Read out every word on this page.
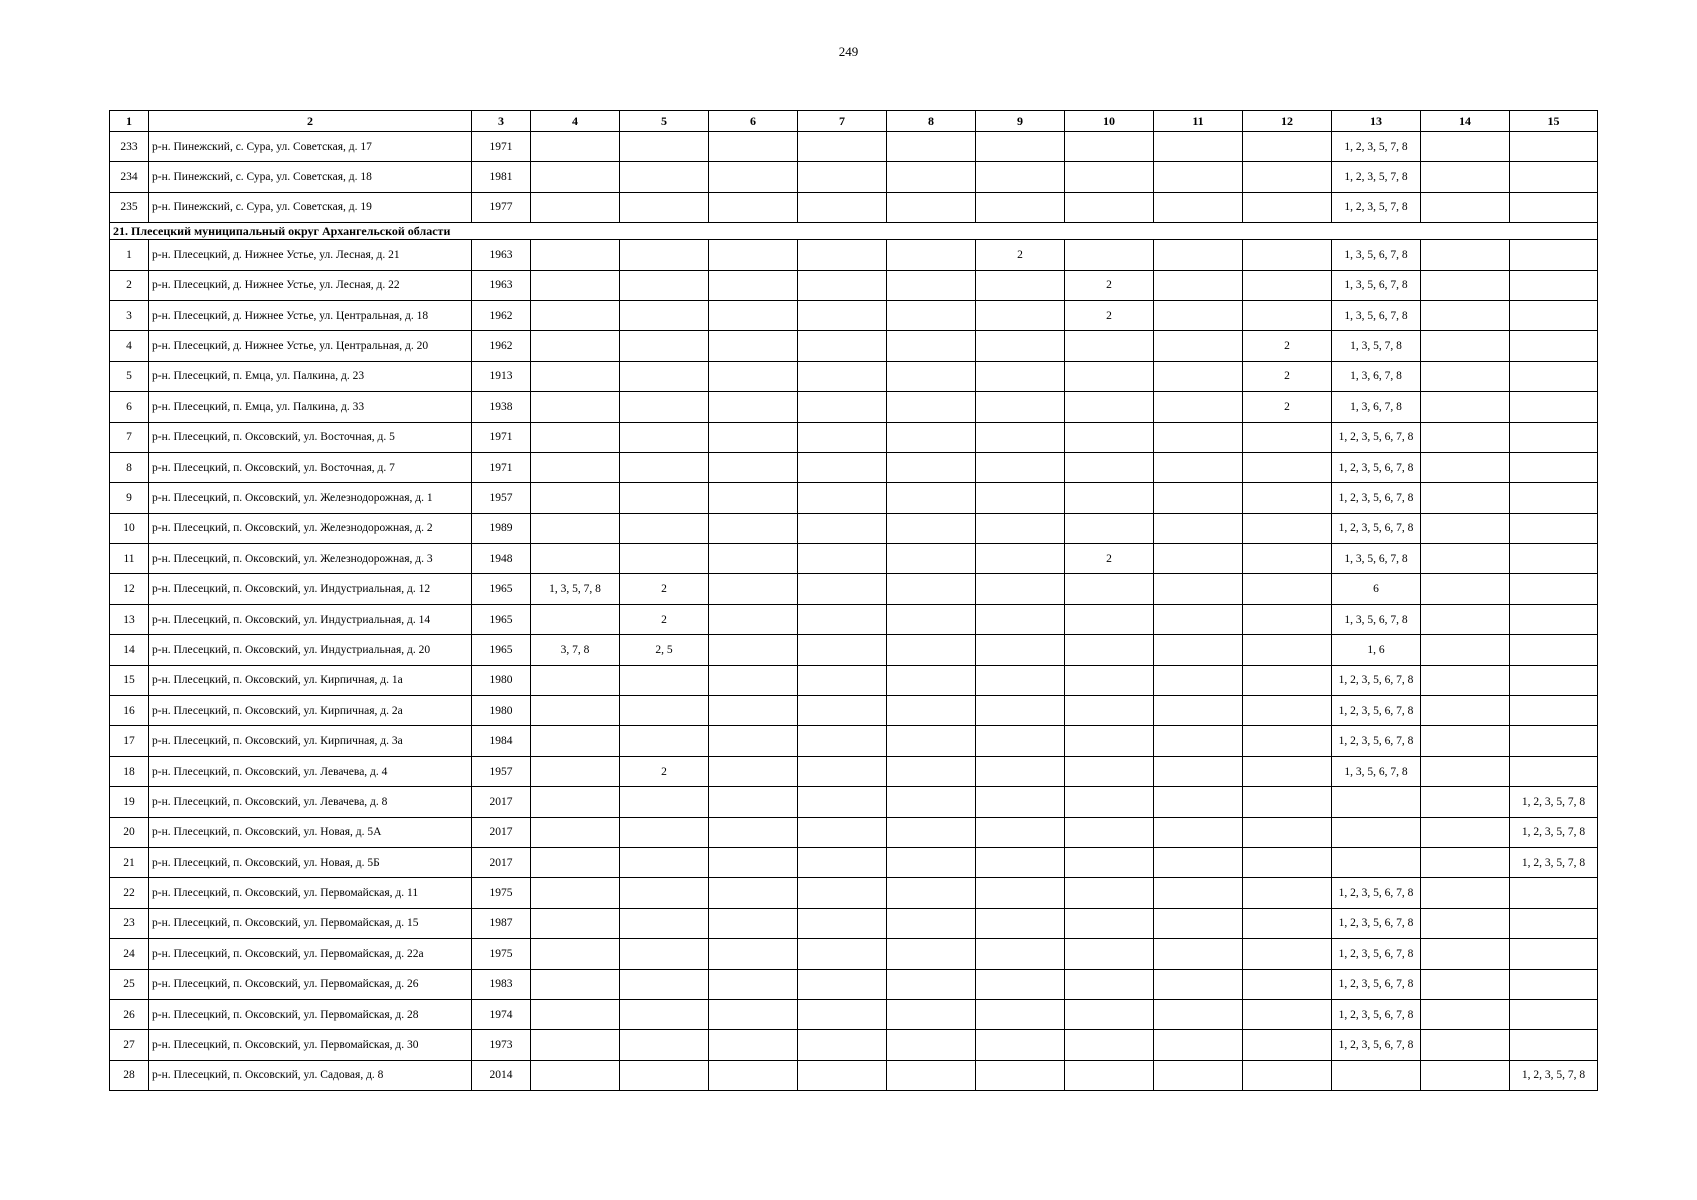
249
1	2	3	4	5	6	7	8	9	10	11	12	13	14	15
233	р-н. Пинежский, с. Сура, ул. Советская, д. 17	1971										1, 2, 3, 5, 7, 8		
234	р-н. Пинежский, с. Сура, ул. Советская, д. 18	1981										1, 2, 3, 5, 7, 8		
235	р-н. Пинежский, с. Сура, ул. Советская, д. 19	1977										1, 2, 3, 5, 7, 8		
21. Плесецкий муниципальный округ Архангельской области														
1	р-н. Плесецкий, д. Нижнее Устье, ул. Лесная, д. 21	1963						2				1, 3, 5, 6, 7, 8		
2	р-н. Плесецкий, д. Нижнее Устье, ул. Лесная, д. 22	1963							2			1, 3, 5, 6, 7, 8		
3	р-н. Плесецкий, д. Нижнее Устье, ул. Центральная, д. 18	1962							2			1, 3, 5, 6, 7, 8		
4	р-н. Плесецкий, д. Нижнее Устье, ул. Центральная, д. 20	1962									2	1, 3, 5, 7, 8		
5	р-н. Плесецкий, п. Емца, ул. Палкина, д. 23	1913									2	1, 3, 6, 7, 8		
6	р-н. Плесецкий, п. Емца, ул. Палкина, д. 33	1938									2	1, 3, 6, 7, 8		
7	р-н. Плесецкий, п. Оксовский, ул. Восточная, д. 5	1971										1, 2, 3, 5, 6, 7, 8		
8	р-н. Плесецкий, п. Оксовский, ул. Восточная, д. 7	1971										1, 2, 3, 5, 6, 7, 8		
9	р-н. Плесецкий, п. Оксовский, ул. Железнодорожная, д. 1	1957										1, 2, 3, 5, 6, 7, 8		
10	р-н. Плесецкий, п. Оксовский, ул. Железнодорожная, д. 2	1989										1, 2, 3, 5, 6, 7, 8		
11	р-н. Плесецкий, п. Оксовский, ул. Железнодорожная, д. 3	1948							2			1, 3, 5, 6, 7, 8		
12	р-н. Плесецкий, п. Оксовский, ул. Индустриальная, д. 12	1965	1, 3, 5, 7, 8	2								6		
13	р-н. Плесецкий, п. Оксовский, ул. Индустриальная, д. 14	1965		2								1, 3, 5, 6, 7, 8		
14	р-н. Плесецкий, п. Оксовский, ул. Индустриальная, д. 20	1965	3, 7, 8	2, 5								1, 6		
15	р-н. Плесецкий, п. Оксовский, ул. Кирпичная, д. 1а	1980										1, 2, 3, 5, 6, 7, 8		
16	р-н. Плесецкий, п. Оксовский, ул. Кирпичная, д. 2а	1980										1, 2, 3, 5, 6, 7, 8		
17	р-н. Плесецкий, п. Оксовский, ул. Кирпичная, д. 3а	1984										1, 2, 3, 5, 6, 7, 8		
18	р-н. Плесецкий, п. Оксовский, ул. Левачева, д. 4	1957		2								1, 3, 5, 6, 7, 8		
19	р-н. Плесецкий, п. Оксовский, ул. Левачева, д. 8	2017												1, 2, 3, 5, 7, 8
20	р-н. Плесецкий, п. Оксовский, ул. Новая, д. 5А	2017												1, 2, 3, 5, 7, 8
21	р-н. Плесецкий, п. Оксовский, ул. Новая, д. 5Б	2017												1, 2, 3, 5, 7, 8
22	р-н. Плесецкий, п. Оксовский, ул. Первомайская, д. 11	1975										1, 2, 3, 5, 6, 7, 8		
23	р-н. Плесецкий, п. Оксовский, ул. Первомайская, д. 15	1987										1, 2, 3, 5, 6, 7, 8		
24	р-н. Плесецкий, п. Оксовский, ул. Первомайская, д. 22а	1975										1, 2, 3, 5, 6, 7, 8		
25	р-н. Плесецкий, п. Оксовский, ул. Первомайская, д. 26	1983										1, 2, 3, 5, 6, 7, 8		
26	р-н. Плесецкий, п. Оксовский, ул. Первомайская, д. 28	1974										1, 2, 3, 5, 6, 7, 8		
27	р-н. Плесецкий, п. Оксовский, ул. Первомайская, д. 30	1973										1, 2, 3, 5, 6, 7, 8		
28	р-н. Плесецкий, п. Оксовский, ул. Садовая, д. 8	2014												1, 2, 3, 5, 7, 8
